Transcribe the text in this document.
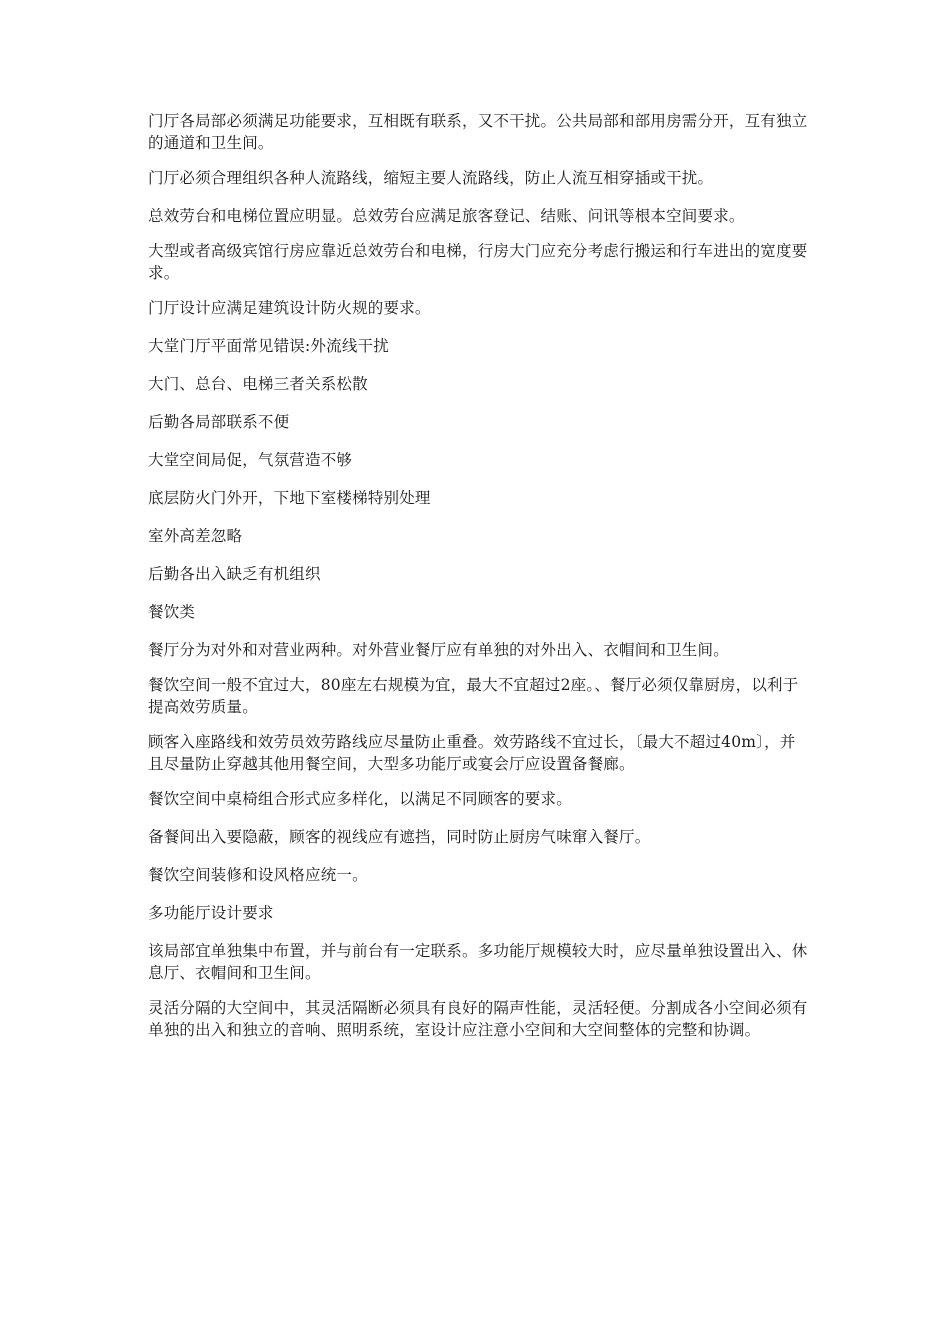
门厅各局部必须满足功能要求，互相既有联系，又不干扰。公共局部和部用房需分开，互有独立的通道和卫生间。

门厅必须合理组织各种人流路线，缩短主要人流路线，防止人流互相穿插或干扰。

总效劳台和电梯位置应明显。总效劳台应满足旅客登记、结账、问讯等根本空间要求。

大型或者高级宾馆行房应靠近总效劳台和电梯，行房大门应充分考虑行搬运和行车进出的宽度要求。

门厅设计应满足建筑设计防火规的要求。

大堂门厅平面常见错误:外流线干扰

大门、总台、电梯三者关系松散

后勤各局部联系不便

大堂空间局促，气氛营造不够

底层防火门外开，下地下室楼梯特别处理

室外高差忽略

后勤各出入缺乏有机组织

餐饮类

餐厅分为对外和对营业两种。对外营业餐厅应有单独的对外出入、衣帽间和卫生间。

餐饮空间一般不宜过大，80座左右规模为宜，最大不宜超过2座。、餐厅必须仅靠厨房，以利于提高效劳质量。

顾客入座路线和效劳员效劳路线应尽量防止重叠。效劳路线不宜过长，〔最大不超过40m〕，并且尽量防止穿越其他用餐空间，大型多功能厅或宴会厅应设置备餐廊。

餐饮空间中桌椅组合形式应多样化，以满足不同顾客的要求。

备餐间出入要隐蔽，顾客的视线应有遮挡，同时防止厨房气味窜入餐厅。

餐饮空间装修和设风格应统一。

多功能厅设计要求

该局部宜单独集中布置，并与前台有一定联系。多功能厅规模较大时，应尽量单独设置出入、休息厅、衣帽间和卫生间。

灵活分隔的大空间中，其灵活隔断必须具有良好的隔声性能，灵活轻便。分割成各小空间必须有单独的出入和独立的音响、照明系统，室设计应注意小空间和大空间整体的完整和协调。
